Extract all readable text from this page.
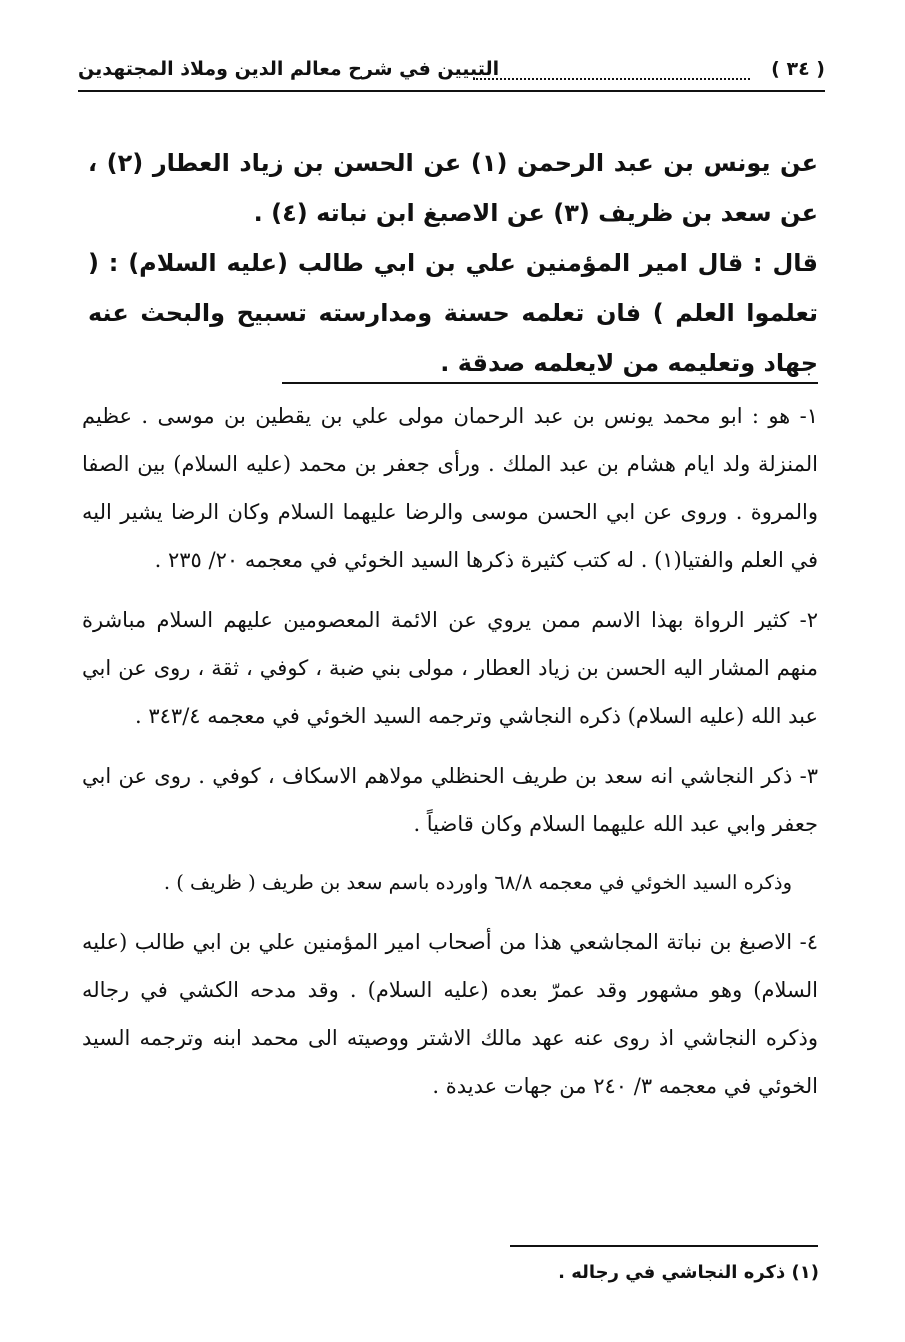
( ٣٤ )
التبيين في شرح معالم الدين وملاذ المجتهدين

عن يونس بن عبد الرحمن (١) عن الحسن بن زياد العطار (٢) ، عن سعد بن ظريف (٣) عن الاصبغ ابن نباته (٤) .

قال : قال امير المؤمنين علي بن ابي طالب (عليه السلام) : ( تعلموا العلم ) فان تعلمه حسنة ومدارسته تسبيح والبحث عنه جهاد وتعليمه من لايعلمه صدقة .

١- هو : ابو محمد يونس بن عبد الرحمان مولى علي بن يقطين بن موسى . عظيم المنزلة ولد ايام هشام بن عبد الملك . ورأى جعفر بن محمد (عليه السلام) بين الصفا والمروة . وروى عن ابي الحسن موسى والرضا عليهما السلام وكان الرضا يشير اليه في العلم والفتيا(١) . له كتب كثيرة ذكرها السيد الخوئي في معجمه ٢٠/ ٢٣٥ .

٢- كثير الرواة بهذا الاسم ممن يروي عن الائمة المعصومين عليهم السلام مباشرة منهم المشار اليه الحسن بن زياد العطار ، مولى بني ضبة ، كوفي ، ثقة ، روى عن ابي عبد الله (عليه السلام) ذكره النجاشي وترجمه السيد الخوئي في معجمه ٣٤٣/٤ .

٣- ذكر النجاشي انه سعد بن طريف الحنظلي مولاهم الاسكاف ، كوفي . روى عن ابي جعفر وابي عبد الله عليهما السلام وكان قاضياً .

وذكره السيد الخوئي في معجمه ٦٨/٨ واورده باسم سعد بن طريف ( ظريف ) .

٤- الاصبغ بن نباتة المجاشعي هذا من أصحاب امير المؤمنين علي بن ابي طالب (عليه السلام) وهو مشهور وقد عمرّ بعده (عليه السلام) . وقد مدحه الكشي في رجاله وذكره النجاشي اذ روى عنه عهد مالك الاشتر ووصيته الى محمد ابنه وترجمه السيد الخوئي في معجمه ٣/ ٢٤٠ من جهات عديدة .

(١) ذكره النجاشي في رجاله .
